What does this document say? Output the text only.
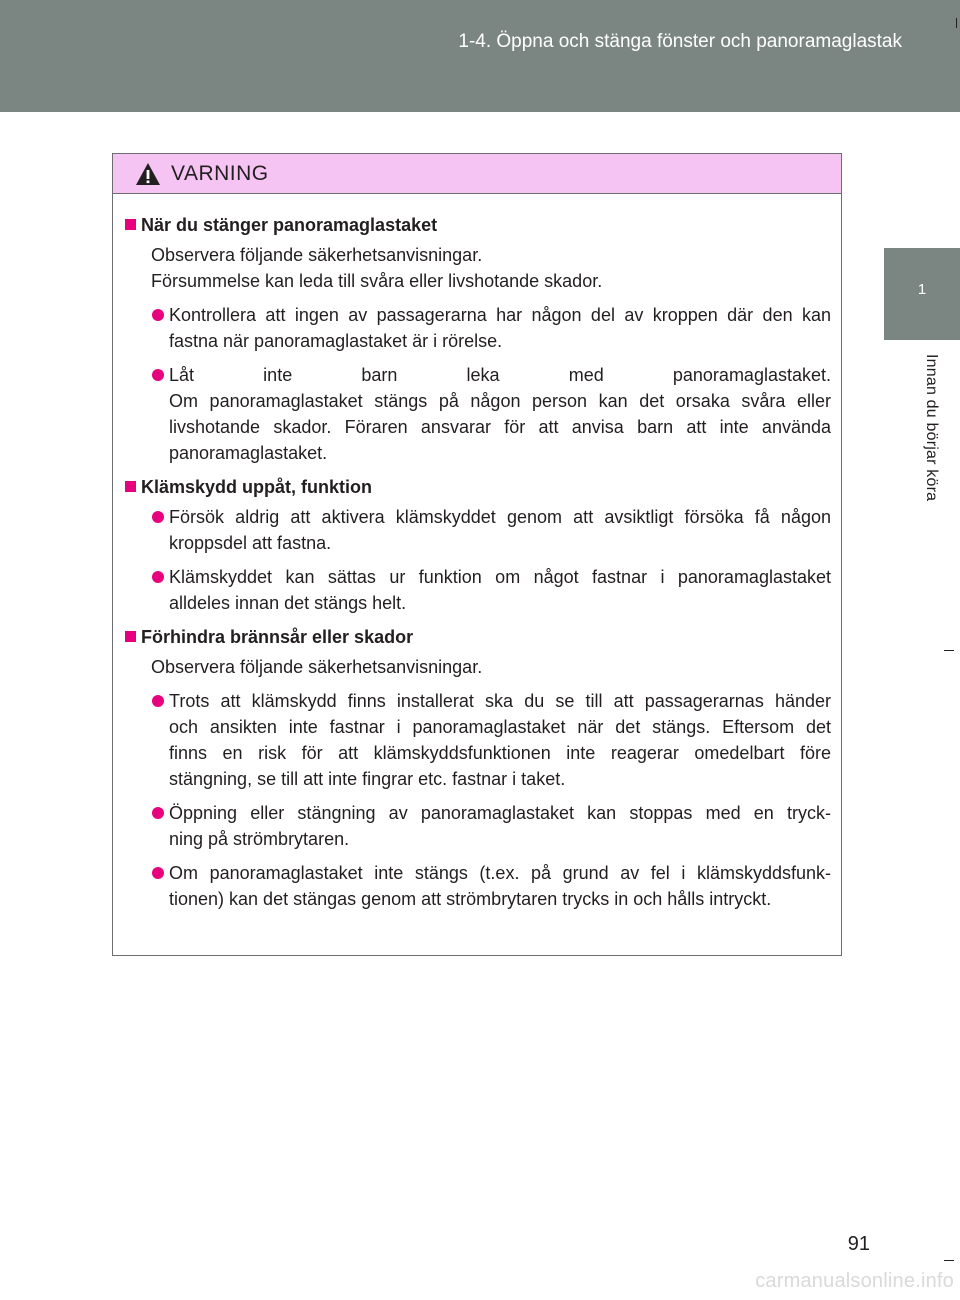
1-4. Öppna och stänga fönster och panoramaglastak
1
Innan du börjar köra
VARNING
När du stänger panoramaglastaket
Observera följande säkerhetsanvisningar.
Försummelse kan leda till svåra eller livshotande skador.
Kontrollera att ingen av passagerarna har någon del av kroppen där den kan
fastna när panoramaglastaket är i rörelse.
Låt inte barn leka med panoramaglastaket.
Om panoramaglastaket stängs på någon person kan det orsaka svåra eller
livshotande skador. Föraren ansvarar för att anvisa barn att inte använda
panoramaglastaket.
Klämskydd uppåt, funktion
Försök aldrig att aktivera klämskyddet genom att avsiktligt försöka få någon
kroppsdel att fastna.
Klämskyddet kan sättas ur funktion om något fastnar i panoramaglastaket
alldeles innan det stängs helt.
Förhindra brännsår eller skador
Observera följande säkerhetsanvisningar.
Trots att klämskydd finns installerat ska du se till att passagerarnas händer
och ansikten inte fastnar i panoramaglastaket när det stängs. Eftersom det
finns en risk för att klämskyddsfunktionen inte reagerar omedelbart före
stängning, se till att inte fingrar etc. fastnar i taket.
Öppning eller stängning av panoramaglastaket kan stoppas med en tryck-
ning på strömbrytaren.
Om panoramaglastaket inte stängs (t.ex. på grund av fel i klämskyddsfunk-
tionen) kan det stängas genom att strömbrytaren trycks in och hålls intryckt.
91
carmanualsonline.info
